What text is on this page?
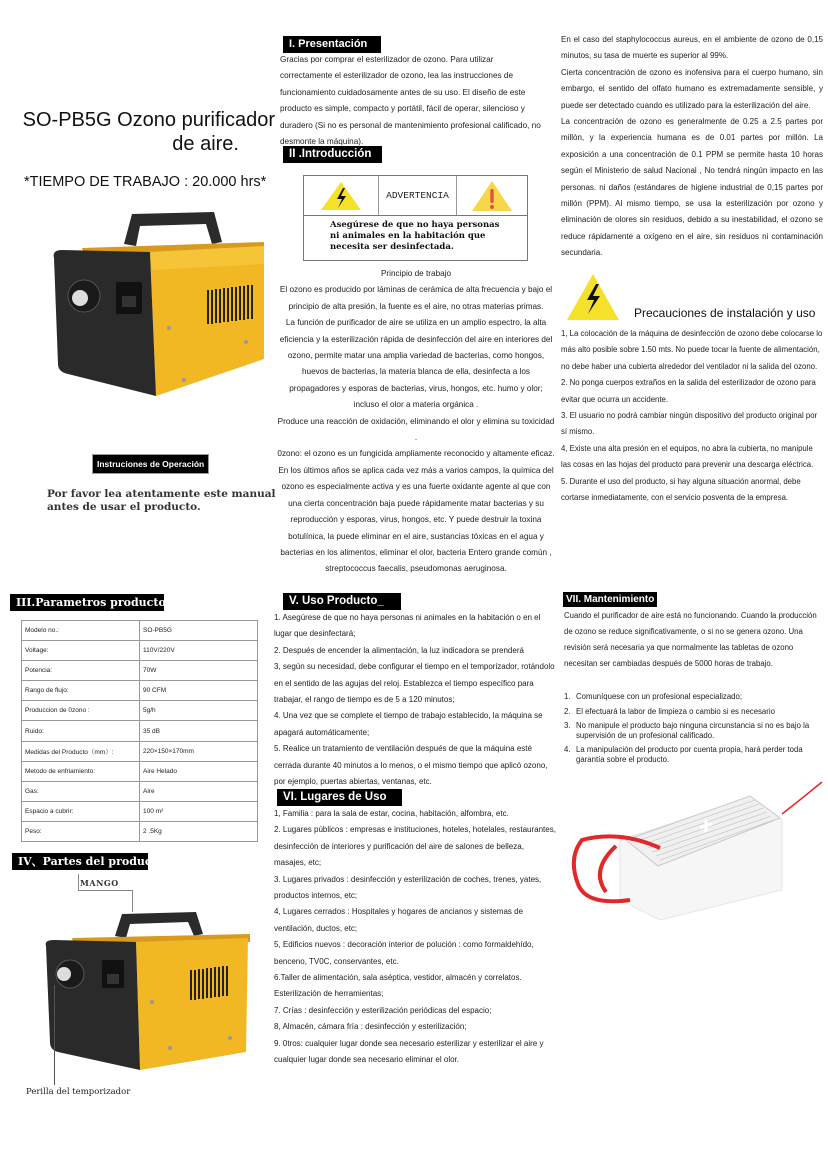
SO-PB5G Ozono purificador
de aire.
*TIEMPO DE TRABAJO : 20.000 hrs*
Instruciones de Operación
Por favor lea atentamente este manual
antes de usar el producto.
III.Parametros producto
Modelo no.:	SO-PB5G
Voltage:	110V/220V
Potencia:	70W
Rango de flujo:	90 CFM
Produccion de 0zono :	5g/h
Ruido:	35 dB
Medidas del Producto（mm）:	220×150×170mm
Metodo de enfriamiento:	Aire Helado
Gas:	Aire
Espacio a cubrir:	100 m²
Peso:	2 .5Kg
IV、Partes del producto
MANGO
Perilla del temporizador
I. Presentación
Gracias por comprar el esterilizador de ozono. Para utilizar correctamente el esterilizador de ozono, lea las instrucciones de funcionamiento cuidadosamente antes de su uso. El diseño de este producto es simple, compacto y portátil, fácil de operar, silencioso y duradero (Si no es personal de mantenimiento profesional calificado, no desmonte la máquina).
II .Introducción
ADVERTENCIA
Asegúrese de que no haya personas
ni animales en la habitación que
necesita ser desinfectada.

Principio de trabajo

El ozono es producido por láminas de cerámica de alta frecuencia y bajo el principio de alta presión, la fuente es el aire, no otras materias primas.

La función de purificador de aire se utiliza en un amplio espectro, la alta eficiencia y la esterilización rápida de desinfección del aire en interiores del ozono, permite matar una amplia variedad de bacterias, como hongos, huevos de bacterias, la materia blanca de ella, desinfecta a los propagadores y esporas de bacterias, virus, hongos, etc. humo y olor; incluso el olor a materia orgánica .

Produce una reacción de oxidación, eliminando el olor y elimina su toxicidad .

0zono: el ozono es un fungicida ampliamente reconocido y altamente eficaz. En los últimos años se aplica cada vez más a varios campos, la química del ozono es especialmente activa y es una fuerte oxidante agente al que con una cierta concentración baja puede rápidamente matar bacterias y su reproducción y esporas, virus, hongos, etc. Y puede destruir la toxina botulínica, la puede eliminar en el aire, sustancias tóxicas en el agua y bacterias en los alimentos, eliminar el olor, bacteria Entero grande común , streptococcus faecalis, pseudomonas aeruginosa.

V. Uso Producto_

1. Asegúrese de que no haya personas ni animales en la habitación o en el lugar que desinfectará;

2. Después de encender la alimentación, la luz indicadora se prenderá

3, según su necesidad, debe configurar el tiempo en el temporizador, rotándolo en el sentido de las agujas del reloj. Establezca el tiempo específico para trabajar, el rango de tiempo es de 5 a 120 minutos;

4. Una vez que se complete el tiempo de trabajo establecido, la máquina se apagará automáticamente;

5. Realice un tratamiento de ventilación después de que la máquina esté cerrada durante 40 minutos a lo menos, o el mismo tiempo que aplicó ozono, por ejemplo, puertas abiertas, ventanas, etc.

VI. Lugares de Uso

1, Familia : para la sala de estar, cocina, habitación, alfombra, etc.

2. Lugares públicos : empresas e instituciones, hoteles, hotelales, restaurantes, desinfección de interiores y purificación del aire de salones de belleza, masajes, etc;

3. Lugares privados : desinfección y esterilización de coches, trenes, yates, productos internos, etc;

4, Lugares cerrados : Hospitales y hogares de ancianos y sistemas de ventilación, ductos, etc;

5, Edificios nuevos : decoración interior de polución : como formaldehído, benceno, TV0C, conservantes, etc.

6.Taller de alimentación, sala aséptica, vestidor, almacén y correlatos. Esterilización de herramientas;

7. Crías : desinfección y esterilización periódicas del espacio;

8, Almacén, cámara fría : desinfección y esterilización;

9. 0tros: cualquier lugar donde sea necesario esterilizar y esterilizar el aire y cualquier lugar donde sea necesario eliminar el olor.

En el caso del staphylococcus aureus, en el ambiente de ozono de 0,15 minutos, su tasa de muerte es superior al 99%.

Cierta concentración de ozono es inofensiva para el cuerpo humano, sin embargo, el sentido del olfato humano es extremadamente sensible, y puede ser detectado cuando es utilizado para la esterilización del aire.

La concentración de ozono es generalmente de 0.25 a 2.5 partes por millón, y la experiencia humana es de 0.01 partes por millón. La exposición a una concentración de 0.1 PPM se permite hasta 10 horas según el Ministerio de salud Nacional , No tendrá ningún impacto en las personas. ni daños (estándares de higiene industrial de 0,15 partes por millón (PPM). Al mismo tiempo, se usa la esterilización por ozono y eliminación de olores sin residuos, debido a su inestabilidad, el ozono se reduce rápidamente a oxígeno en el aire, sin residuos ni contaminación secundaria.

Precauciones de instalación y uso

1, La colocación de la máquina de desinfección de ozono debe colocarse lo más alto posible sobre 1.50 mts. No puede tocar la fuente de alimentación, no debe haber una cubierta alrededor del ventilador ni la salida del ozono.

2. No ponga cuerpos extraños en la salida del esterilizador de ozono para evitar que ocurra un accidente.

3. El usuario no podrá cambiar ningún dispositivo del producto original por sí mismo.

4, Existe una alta presión en el equipos, no abra la cubierta, no manipule las cosas en las hojas del producto para prevenir una descarga eléctrica.

5. Durante el uso del producto, si hay alguna situación anormal, debe cortarse inmediatamente, con el servicio posventa de la empresa.

VII. Mantenimiento
Cuando el purificador de aire está no funcionando. Cuando la producción de ozono se reduce significativamente, o si no se genera ozono. Una revisión será necesaria ya que normalmente las tabletas de ozono necesitan ser cambiadas después de 5000 horas de trabajo.
1. Comuníquese con un profesional especializado;
2. El efectuará la labor de limpieza o cambio si es necesario
3. No manipule el producto bajo ninguna circunstancia si no es bajo la supervisión de un profesional calificado.
4. La manipulación del producto por cuenta propia, hará perder toda garantía sobre el producto.
